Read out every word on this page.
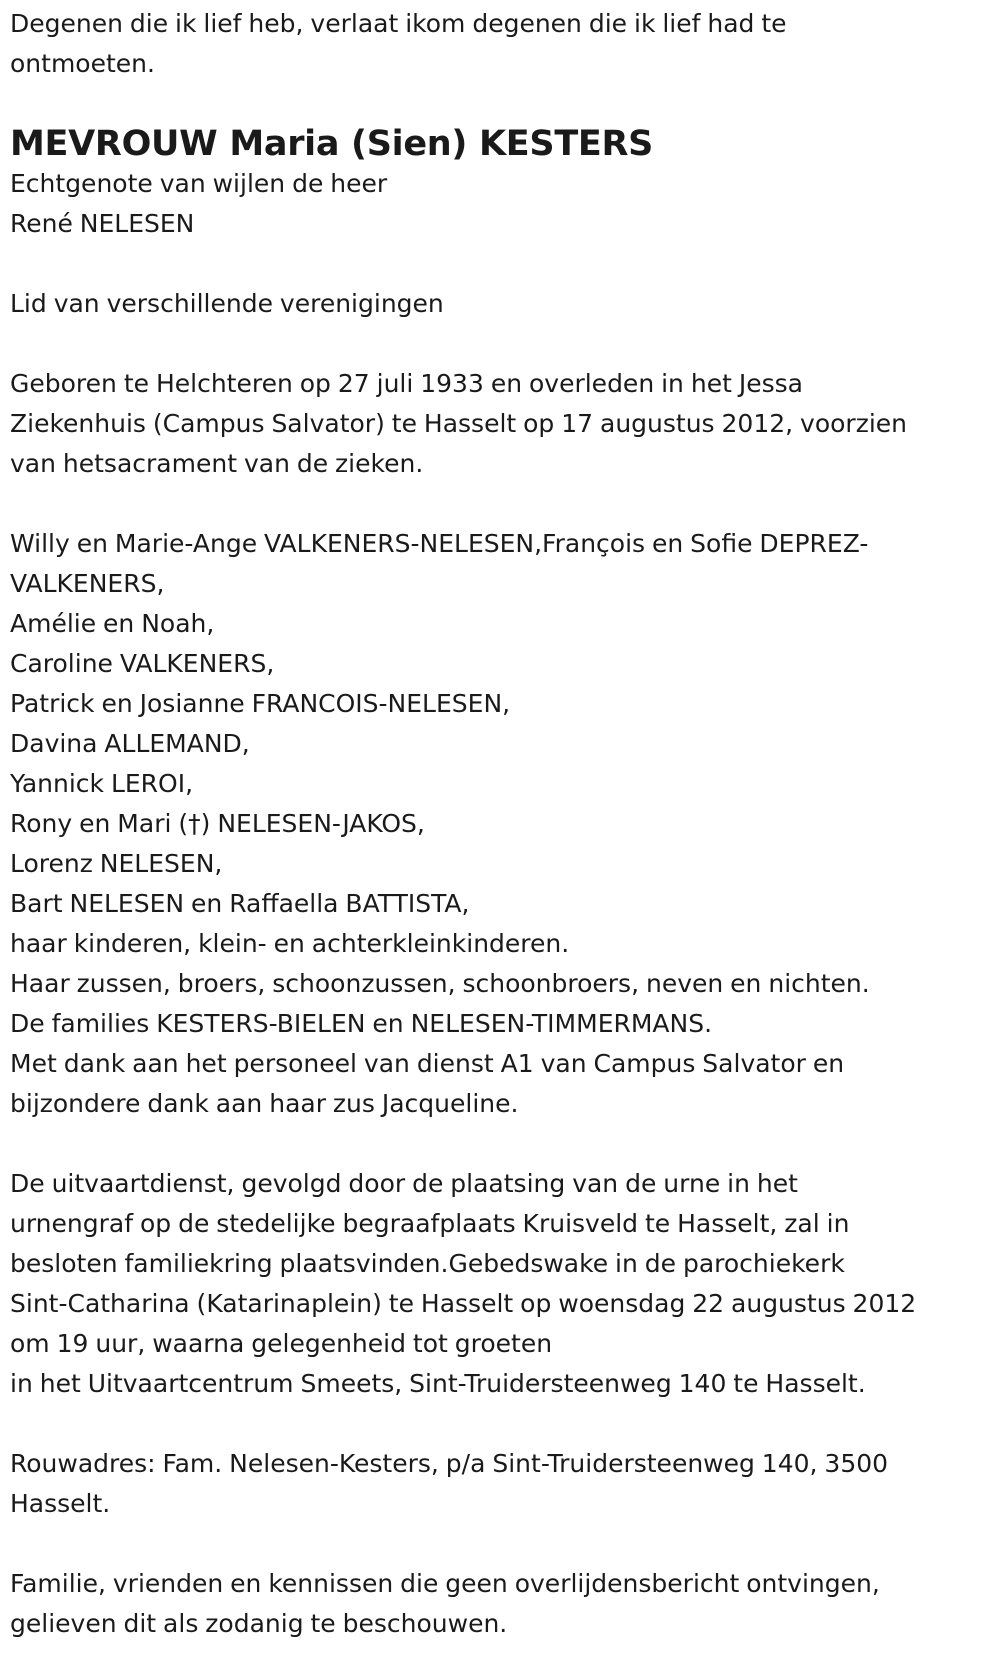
Degenen die ik lief heb, verlaat ikom degenen die ik lief had te
ontmoeten.
MEVROUW Maria (Sien) KESTERS
Echtgenote van wijlen de heer
René NELESEN
Lid van verschillende verenigingen
Geboren te Helchteren op 27 juli 1933 en overleden in het Jessa
Ziekenhuis (Campus Salvator) te Hasselt op 17 augustus 2012, voorzien
van hetsacrament van de zieken.
Willy en Marie-Ange VALKENERS-NELESEN,François en Sofie DEPREZ-
VALKENERS,
Amélie en Noah,
Caroline VALKENERS,
Patrick en Josianne FRANCOIS-NELESEN,
Davina ALLEMAND,
Yannick LEROI,
Rony en Mari (†) NELESEN-JAKOS,
Lorenz NELESEN,
Bart NELESEN en Raffaella BATTISTA,
haar kinderen, klein- en achterkleinkinderen.
Haar zussen, broers, schoonzussen, schoonbroers, neven en nichten.
De families KESTERS-BIELEN en NELESEN-TIMMERMANS.
Met dank aan het personeel van dienst A1 van Campus Salvator en
bijzondere dank aan haar zus Jacqueline.
De uitvaartdienst, gevolgd door de plaatsing van de urne in het
urnengraf op de stedelijke begraafplaats Kruisveld te Hasselt, zal in
besloten familiekring plaatsvinden.Gebedswake in de parochiekerk
Sint-Catharina (Katarinaplein) te Hasselt op woensdag 22 augustus 2012
om 19 uur, waarna gelegenheid tot groeten
in het Uitvaartcentrum Smeets, Sint-Truidersteenweg 140 te Hasselt.
Rouwadres: Fam. Nelesen-Kesters, p/a Sint-Truidersteenweg 140, 3500
Hasselt.
Familie, vrienden en kennissen die geen overlijdensbericht ontvingen,
gelieven dit als zodanig te beschouwen.
